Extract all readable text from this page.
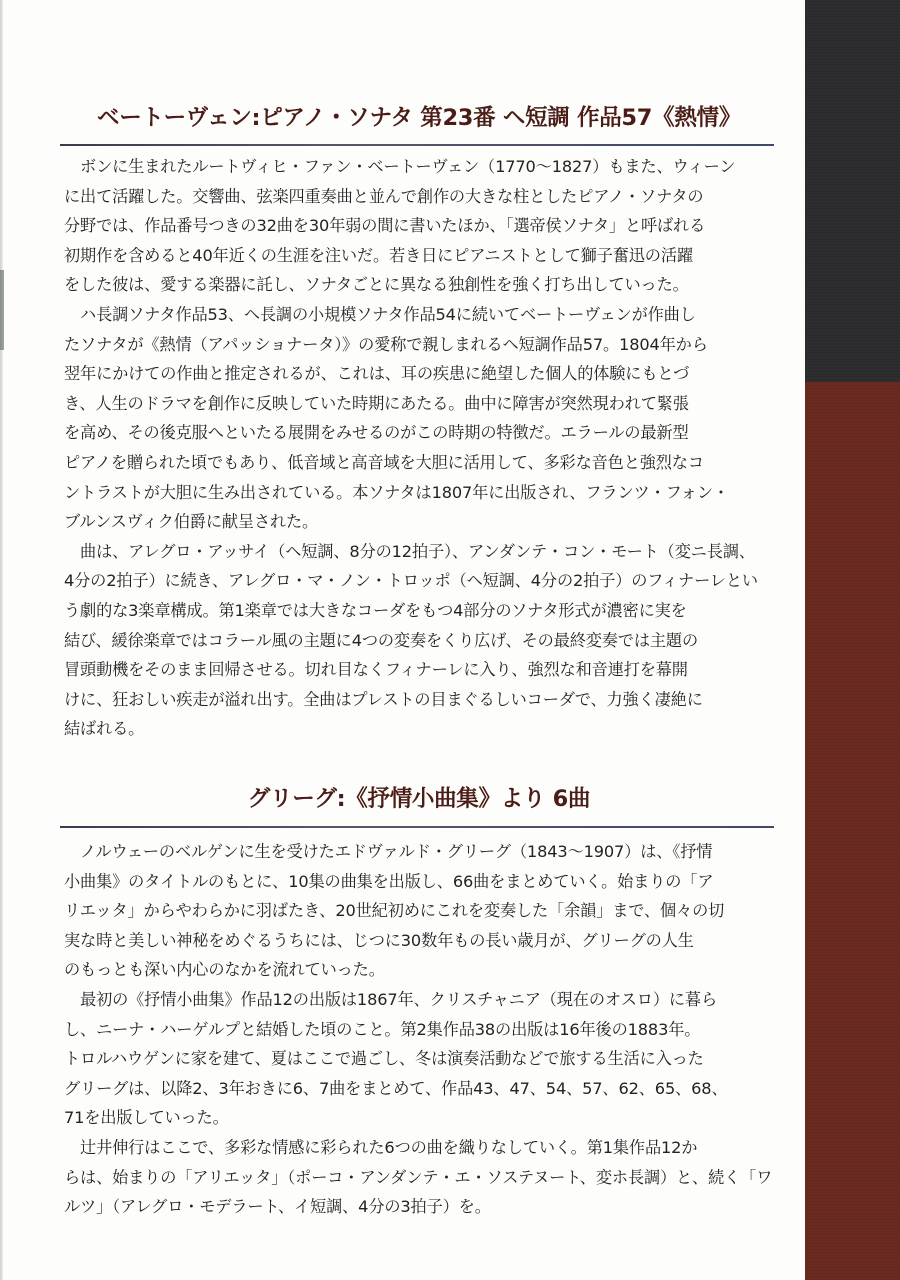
ベートーヴェン:ピアノ・ソナタ 第23番 ヘ短調 作品57《熱情》
　ボンに生まれたルートヴィヒ・ファン・ベートーヴェン（1770～1827）もまた、ウィーン
に出て活躍した。交響曲、弦楽四重奏曲と並んで創作の大きな柱としたピアノ・ソナタの
分野では、作品番号つきの32曲を30年弱の間に書いたほか、「選帝侯ソナタ」と呼ばれる
初期作を含めると40年近くの生涯を注いだ。若き日にピアニストとして獅子奮迅の活躍
をした彼は、愛する楽器に託し、ソナタごとに異なる独創性を強く打ち出していった。
　ハ長調ソナタ作品53、ヘ長調の小規模ソナタ作品54に続いてベートーヴェンが作曲し
たソナタが《熱情（アパッショナータ）》の愛称で親しまれるヘ短調作品57。1804年から
翌年にかけての作曲と推定されるが、これは、耳の疾患に絶望した個人的体験にもとづ
き、人生のドラマを創作に反映していた時期にあたる。曲中に障害が突然現われて緊張
を高め、その後克服へといたる展開をみせるのがこの時期の特徴だ。エラールの最新型
ピアノを贈られた頃でもあり、低音域と高音域を大胆に活用して、多彩な音色と強烈なコ
ントラストが大胆に生み出されている。本ソナタは1807年に出版され、フランツ・フォン・
ブルンスヴィク伯爵に献呈された。
　曲は、アレグロ・アッサイ（ヘ短調、8分の12拍子）、アンダンテ・コン・モート（変ニ長調、
4分の2拍子）に続き、アレグロ・マ・ノン・トロッポ（ヘ短調、4分の2拍子）のフィナーレとい
う劇的な3楽章構成。第1楽章では大きなコーダをもつ4部分のソナタ形式が濃密に実を
結び、緩徐楽章ではコラール風の主題に4つの変奏をくり広げ、その最終変奏では主題の
冒頭動機をそのまま回帰させる。切れ目なくフィナーレに入り、強烈な和音連打を幕開
けに、狂おしい疾走が溢れ出す。全曲はプレストの目まぐるしいコーダで、力強く凄絶に
結ばれる。
グリーグ:《抒情小曲集》より 6曲
　ノルウェーのベルゲンに生を受けたエドヴァルド・グリーグ（1843～1907）は、《抒情
小曲集》のタイトルのもとに、10集の曲集を出版し、66曲をまとめていく。始まりの「ア
リエッタ」からやわらかに羽ばたき、20世紀初めにこれを変奏した「余韻」まで、個々の切
実な時と美しい神秘をめぐるうちには、じつに30数年もの長い歳月が、グリーグの人生
のもっとも深い内心のなかを流れていった。
　最初の《抒情小曲集》作品12の出版は1867年、クリスチャニア（現在のオスロ）に暮ら
し、ニーナ・ハーゲルプと結婚した頃のこと。第2集作品38の出版は16年後の1883年。
トロルハウゲンに家を建て、夏はここで過ごし、冬は演奏活動などで旅する生活に入った
グリーグは、以降2、3年おきに6、7曲をまとめて、作品43、47、54、57、62、65、68、
71を出版していった。
　辻井伸行はここで、多彩な情感に彩られた6つの曲を織りなしていく。第1集作品12か
らは、始まりの「アリエッタ」（ポーコ・アンダンテ・エ・ソステヌート、変ホ長調）と、続く「ワ
ルツ」（アレグロ・モデラート、イ短調、4分の3拍子）を。
